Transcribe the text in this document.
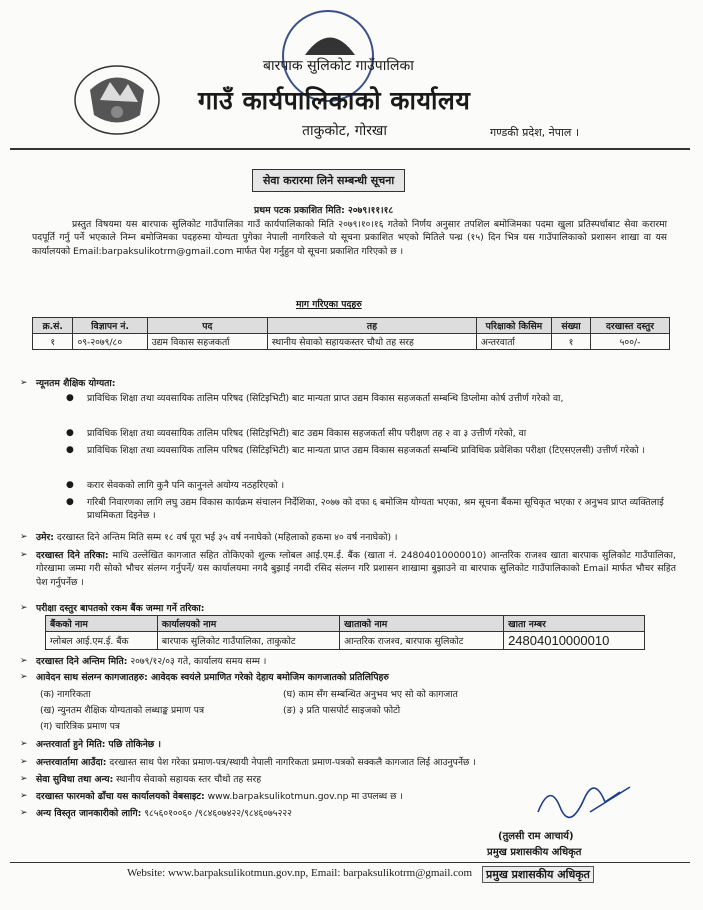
बारपाक सुलिकोट गाउँपालिका
गाउँ कार्यपालिकाको कार्यालय
ताकुकोट, गोरखा	गण्डकी प्रदेश, नेपाल ।
सेवा करारमा लिने सम्बन्धी सूचना
प्रथम पटक प्रकाशित मिति: २०७९।११।१८
प्रस्तुत विषयमा यस बारपाक सुलिकोट गाउँपालिका गाउँ कार्यपालिकाको मिति २०७९।१०।१६ गतेको निर्णय अनुसार तपशिल बमोजिमका पदमा खुला प्रतिस्पर्धाबाट सेवा करारमा पदपूर्ति गर्नु पर्ने भएकाले निम्न बमोजिमका पदहरुमा योग्यता पुगेका नेपाली नागरिकले यो सूचना प्रकाशित भएको मितिले पन्ध्र (१५) दिन भित्र यस गाउँपालिकाको प्रशासन शाखा वा यस कार्यालयको Email:barpaksulikotrm@gmail.com मार्फत पेश गर्नुहुन यो सूचना प्रकाशित गरिएको छ ।
माग गरिएका पदहरु
क्र.सं.	विज्ञापन नं.	पद	तह	परिक्षाको किसिम	संख्या	दरखास्त दस्तुर
१	०९-२०७९/८०	उद्यम विकास सहजकर्ता	स्थानीय सेवाको सहायकस्तर चौथो तह सरह	अन्तरवार्ता	१	५००/-
➢ न्यूनतम शैक्षिक योग्यता:
● प्राविधिक शिक्षा तथा व्यवसायिक तालिम परिषद (सिटिइभिटी) बाट मान्यता प्राप्त उद्यम विकास सहजकर्ता सम्बन्धि डिप्लोमा कोर्ष उत्तीर्ण गरेको वा,
● प्राविधिक शिक्षा तथा व्यवसायिक तालिम परिषद (सिटिइभिटी) बाट उद्यम विकास सहजकर्ता सीप परीक्षण तह २ वा ३ उत्तीर्ण गरेको, वा
● प्राविधिक शिक्षा तथा व्यवसायिक तालिम परिषद (सिटिइभिटी) बाट मान्यता प्राप्त उद्यम विकास सहजकर्ता सम्बन्धि प्राविधिक प्रवेशिका परीक्षा (टिएसएलसी) उत्तीर्ण गरेको ।
● करार सेवकको लागि कुनै पनि कानुनले अयोग्य नठहरिएको ।
● गरिबी निवारणका लागि लघु उद्यम विकास कार्यक्रम संचालन निर्देशिका, २०७७ को दफा ६ बमोजिम योग्यता भएका, श्रम सूचना बैंकमा सूचिकृत भएका र अनुभव प्राप्त व्यक्तिलाई प्राथमिकता दिइनेछ ।
➢ उमेर: दरखास्त दिने अन्तिम मिति सम्म १८ वर्ष पूरा भई ३५ वर्ष ननाघेको (महिलाको हकमा ४० वर्ष ननाघेको) ।
➢ दरखास्त दिने तरिका: माथि उल्लेखित कागजात सहित तोकिएको शुल्क ग्लोबल आई.एम.ई. बैंक (खाता नं. 24804010000010) आन्तरिक राजश्व खाता बारपाक सुलिकोट गाउँपालिका, गोरखामा जम्मा गरी सोको भौचर संलग्न गर्नुपर्ने/ यस कार्यालयमा नगदै बुझाई नगदी रसिद संलग्न गरि प्रशासन शाखामा बुझाउने वा बारपाक सुलिकोट गाउँपालिकाको Email मार्फत भौचर सहित पेश गर्नुपर्नेछ ।
➢ परीक्षा दस्तुर बापतको रकम बैंक जम्मा गर्ने तरिका:
बैंकको नाम	कार्यालयको नाम	खाताको नाम	खाता नम्बर
ग्लोबल आई.एम.ई. बैंक	बारपाक सुलिकोट गाउँपालिका, ताकुकोट	आन्तरिक राजश्व, बारपाक सुलिकोट	24804010000010
➢ दरखास्त दिने अन्तिम मिति: २०७९/१२/०३ गते, कार्यालय समय सम्म ।
➢ आवेदन साथ संलग्न कागजातहरु: आवेदक स्वयंले प्रमाणित गरेको देहाय बमोजिम कागजातको प्रतिलिपिहरु
(क) नागरिकता	(घ) काम सँग सम्बन्धित अनुभव भए सो को कागजात
(ख) न्युनतम शैक्षिक योग्यताको लब्धाङ्क प्रमाण पत्र	(ङ) ३ प्रति पासपोर्ट साइजको फोटो
(ग) चारित्रिक प्रमाण पत्र
➢ अन्तरवार्ता हुने मिति: पछि तोकिनेछ ।
➢ अन्तरवार्तामा आउँदा: दरखास्त साथ पेश गरेका प्रमाण-पत्र/स्थायी नेपाली नागरिकता प्रमाण-पत्रको सक्कलै कागजात लिई आउनुपर्नेछ ।
➢ सेवा सुविधा तथा अन्य: स्थानीय सेवाको सहायक स्तर चौथो तह सरह
➢ दरखास्त फारमको ढाँचा यस कार्यालयको वेबसाइट: www.barpaksulikotmun.gov.np मा उपलब्ध छ ।
➢ अन्य विस्तृत जानकारीको लागि: ९८५६०१००६० /९८४६०७४२२/९८४६०७५२२२
(तुलसी राम आचार्य)
प्रमुख प्रशासकीय अधिकृत
Website: www.barpaksulikotmun.gov.np, Email: barpaksulikotrm@gmail.com	प्रमुख प्रशासकीय अधिकृत
